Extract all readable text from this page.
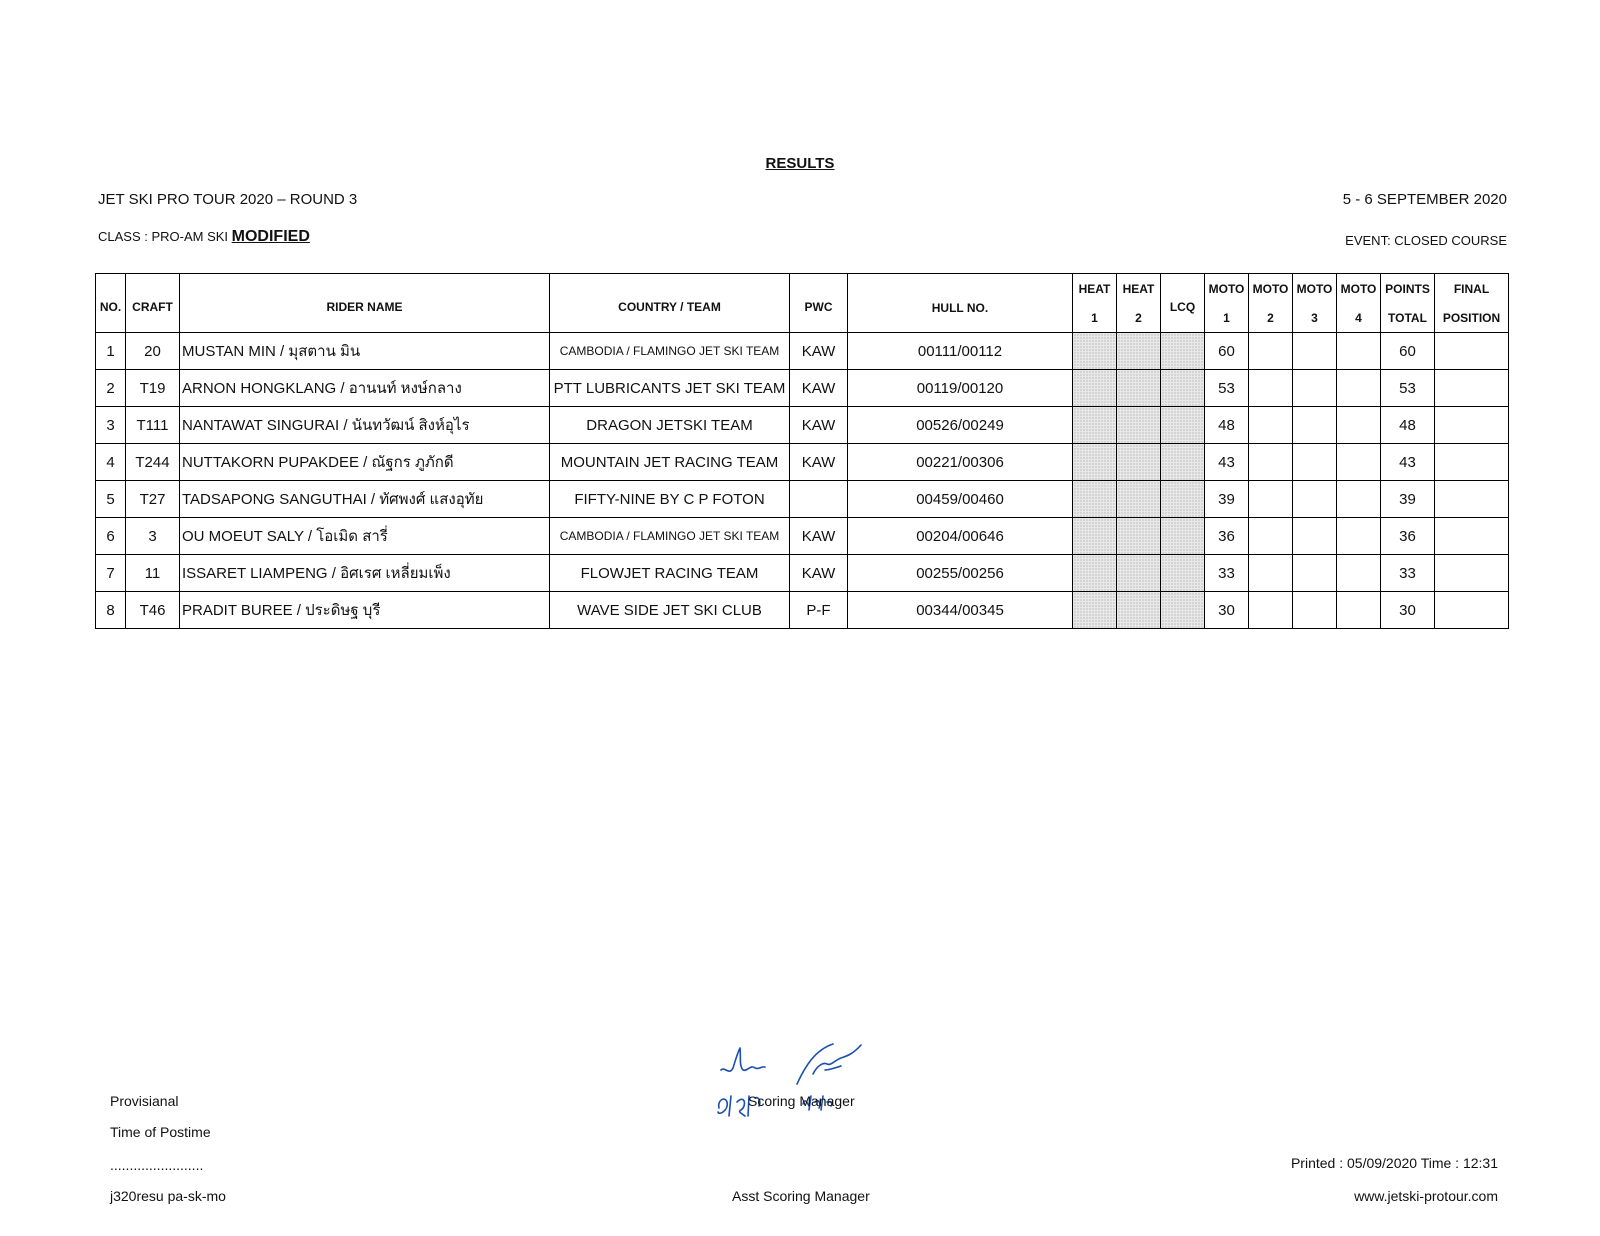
RESULTS
JET SKI PRO TOUR 2020 – ROUND 3	5 - 6 SEPTEMBER 2020
CLASS : PRO-AM SKI MODIFIED	EVENT: CLOSED COURSE
NO.	CRAFT	RIDER NAME	COUNTRY / TEAM	PWC	HULL NO.	HEAT	HEAT	LCQ	MOTO	MOTO	MOTO	MOTO	POINTS	FINAL
						1	2		1	2	3	4	TOTAL	POSITION
1	20	MUSTAN MIN / มุสตาน มิน	CAMBODIA / FLAMINGO JET SKI TEAM	KAW	00111/00112				60				60	
2	T19	ARNON HONGKLANG / อานนท์ หงษ์กลาง	PTT LUBRICANTS JET SKI TEAM	KAW	00119/00120				53				53	
3	T111	NANTAWAT SINGURAI / นันทวัฒน์ สิงห์อุไร	DRAGON JETSKI TEAM	KAW	00526/00249				48				48	
4	T244	NUTTAKORN PUPAKDEE / ณัฐกร ภูภักดี	MOUNTAIN JET RACING TEAM	KAW	00221/00306				43				43	
5	T27	TADSAPONG SANGUTHAI / ทัศพงศ์ แสงอุทัย	FIFTY-NINE BY C P FOTON		00459/00460				39				39	
6	3	OU MOEUT SALY / โอเมิด สารี่	CAMBODIA / FLAMINGO JET SKI TEAM	KAW	00204/00646				36				36	
7	11	ISSARET LIAMPENG / อิศเรศ เหลี่ยมเพ็ง	FLOWJET RACING TEAM	KAW	00255/00256				33				33	
8	T46	PRADIT BUREE / ประดิษฐ บุรี	WAVE SIDE JET SKI CLUB	P-F	00344/00345				30				30	
Provisianal
Time of Postime
........................
j320resu pa-sk-mo
Scoring Manager
Asst Scoring Manager
Printed : 05/09/2020 Time : 12:31
www.jetski-protour.com
